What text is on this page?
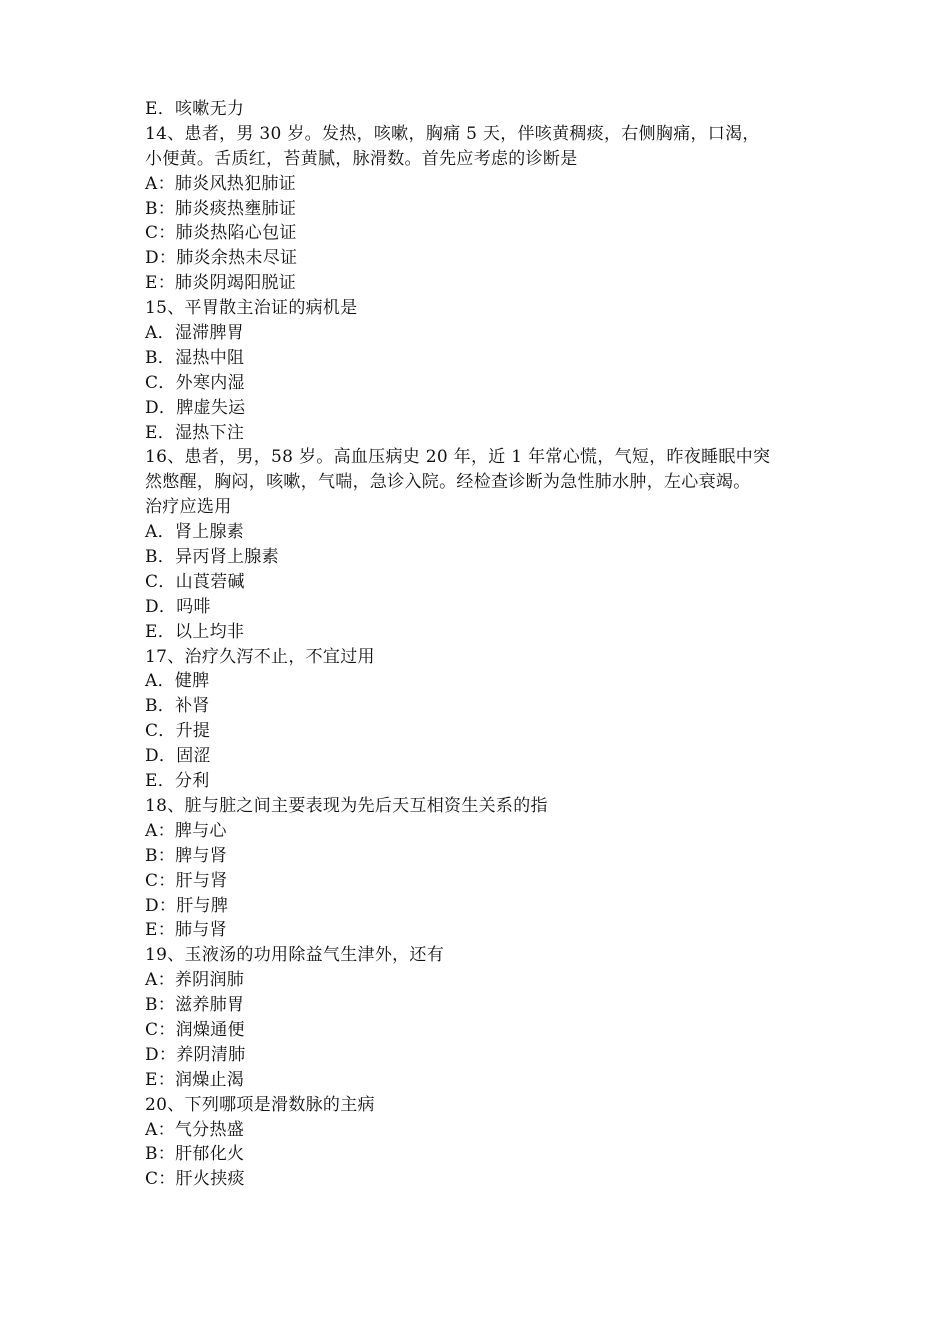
E．咳嗽无力
14、患者，男 30 岁。发热，咳嗽，胸痛 5 天，伴咳黄稠痰，右侧胸痛，口渴，
小便黄。舌质红，苔黄腻，脉滑数。首先应考虑的诊断是
A：肺炎风热犯肺证
B：肺炎痰热壅肺证
C：肺炎热陷心包证
D：肺炎余热未尽证
E：肺炎阴竭阳脱证
15、平胃散主治证的病机是
A．湿滞脾胃
B．湿热中阻
C．外寒内湿
D．脾虚失运
E．湿热下注
16、患者，男，58 岁。高血压病史 20 年，近 1 年常心慌，气短，昨夜睡眠中突
然憋醒，胸闷，咳嗽，气喘，急诊入院。经检查诊断为急性肺水肿，左心衰竭。
治疗应选用
A．肾上腺素
B．异丙肾上腺素
C．山莨菪碱
D．吗啡
E．以上均非
17、治疗久泻不止，不宜过用
A．健脾
B．补肾
C．升提
D．固涩
E．分利
18、脏与脏之间主要表现为先后天互相资生关系的指
A：脾与心
B：脾与肾
C：肝与肾
D：肝与脾
E：肺与肾
19、玉液汤的功用除益气生津外，还有
A：养阴润肺
B：滋养肺胃
C：润燥通便
D：养阴清肺
E：润燥止渴
20、下列哪项是滑数脉的主病
A：气分热盛
B：肝郁化火
C：肝火挟痰
